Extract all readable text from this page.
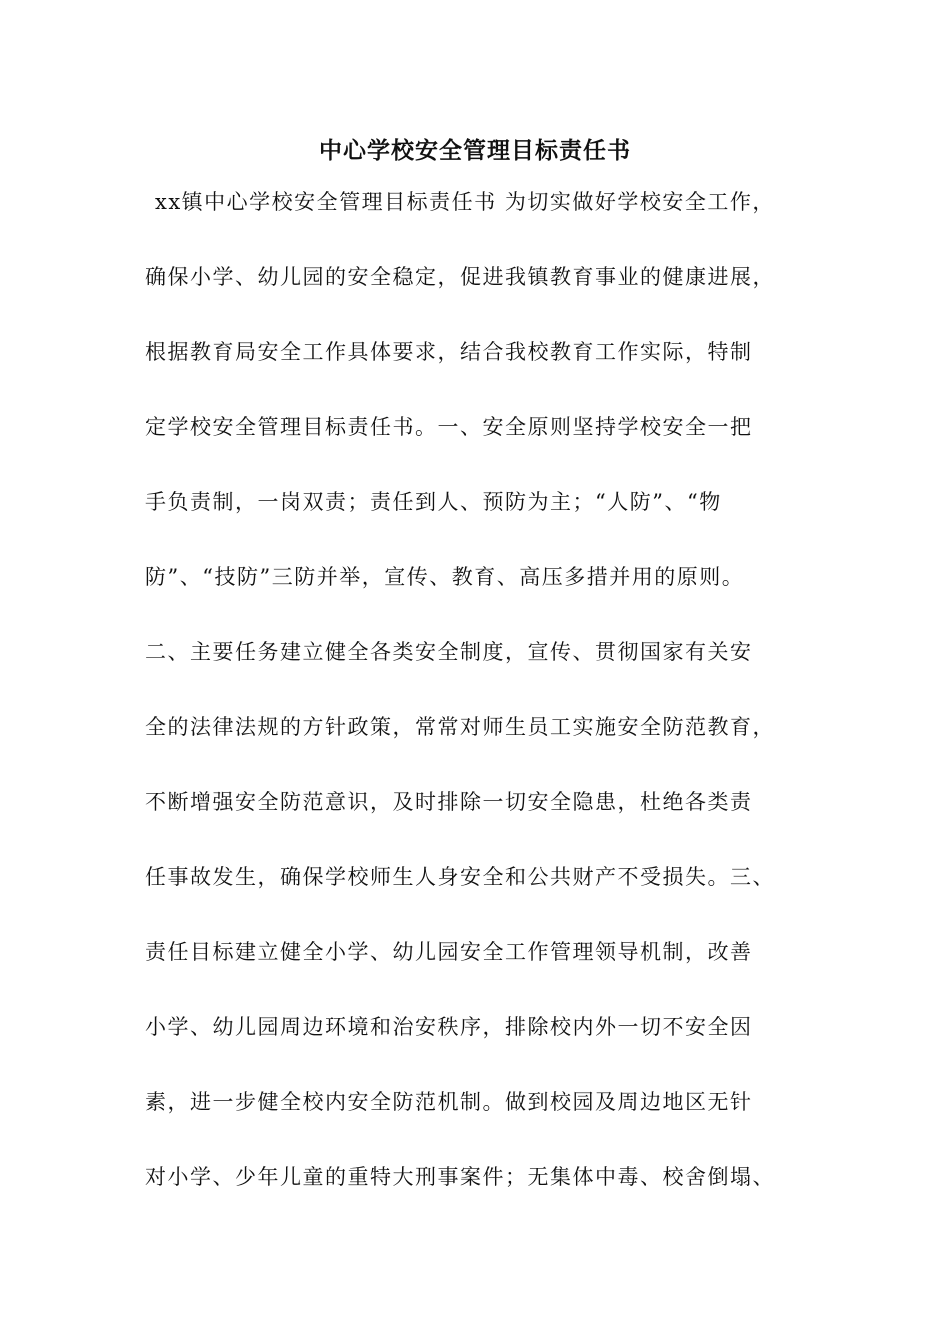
中心学校安全管理目标责任书
xx镇中心学校安全管理目标责任书 为切实做好学校安全工作，
确保小学、幼儿园的安全稳定，促进我镇教育事业的健康进展，
根据教育局安全工作具体要求，结合我校教育工作实际，特制
定学校安全管理目标责任书。一、安全原则坚持学校安全一把
手负责制，一岗双责；责任到人、预防为主；“人防”、“物
防”、“技防”三防并举，宣传、教育、高压多措并用的原则。
二、主要任务建立健全各类安全制度，宣传、贯彻国家有关安
全的法律法规的方针政策，常常对师生员工实施安全防范教育，
不断增强安全防范意识，及时排除一切安全隐患，杜绝各类责
任事故发生，确保学校师生人身安全和公共财产不受损失。三、
责任目标建立健全小学、幼儿园安全工作管理领导机制，改善
小学、幼儿园周边环境和治安秩序，排除校内外一切不安全因
素，进一步健全校内安全防范机制。做到校园及周边地区无针
对小学、少年儿童的重特大刑事案件；无集体中毒、校舍倒塌、
